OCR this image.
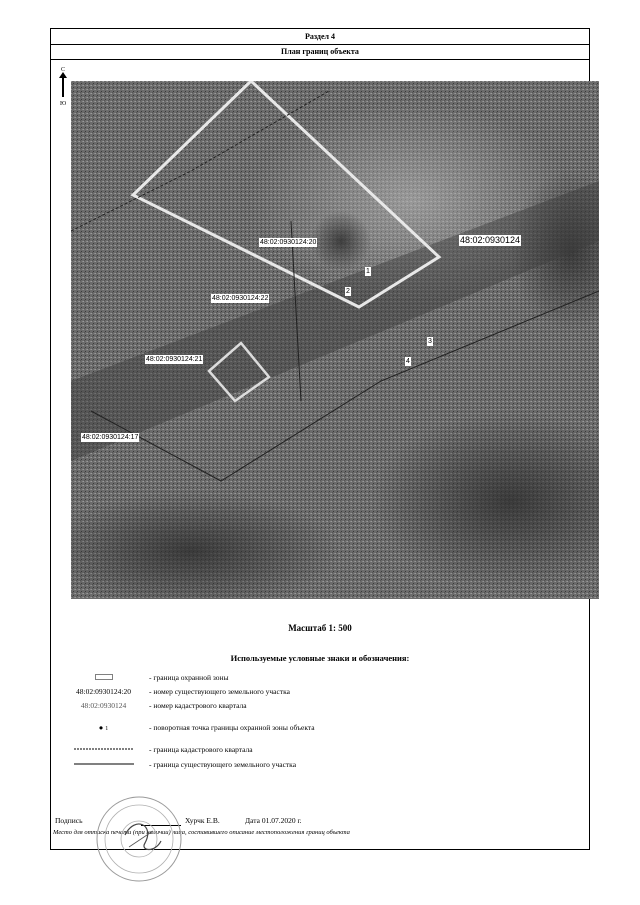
Раздел 4
План границ объекта
С
Ю
48:02:0930124
48:02:0930124:20
48:02:0930124:22
48:02:0930124:21
48:02:0930124:17
1
2
3
4
Масштаб 1: 500
Используемые условные знаки и обозначения:
- граница охранной зоны
48:02:0930124:20	- номер существующего земельного участка
48:02:0930124	- номер кадастрового квартала
● 1	- поворотная точка границы охранной зоны объекта
- граница кадастрового квартала
- граница существующего земельного участка
Подпись	Хурчк Е.В.	Дата 01.07.2020 г.
Место для оттиска печати (при наличии) лица, составившего описание местоположения границ объекта
